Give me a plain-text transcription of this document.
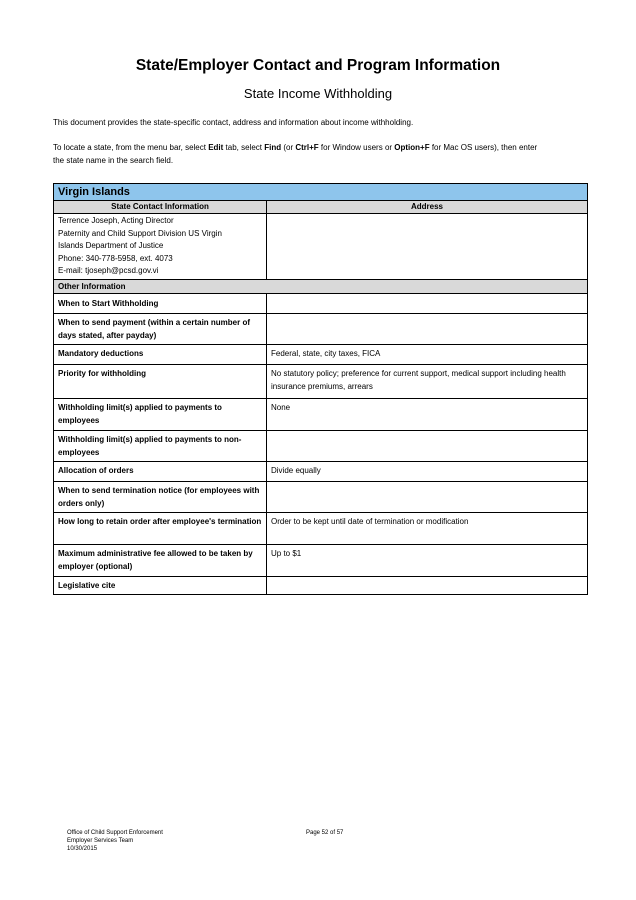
State/Employer Contact and Program Information
State Income Withholding
This document provides the state-specific contact, address and information about income withholding.
To locate a state, from the menu bar, select Edit tab, select Find (or Ctrl+F for Window users or Option+F for Mac OS users), then enter
the state name in the search field.
Virgin Islands	
State Contact Information	Address

Terrence Joseph, Acting Director
Paternity and Child Support Division US Virgin
Islands Department of Justice
Phone: 340-778-5958, ext. 4073
E-mail: tjoseph@pcsd.gov.vi	

Other Information	
When to Start Withholding	
When to send payment (within a certain number of days stated, after payday)	
Mandatory deductions	Federal, state, city taxes, FICA
Priority for withholding	No statutory policy; preference for current support, medical support including health insurance premiums, arrears
Withholding limit(s) applied to payments to employees	None
Withholding limit(s) applied to payments to non-employees	
Allocation of orders	Divide equally
When to send termination notice (for employees with orders only)	
How long to retain order after employee's termination	Order to be kept until date of termination or modification
Maximum administrative fee allowed to be taken by employer (optional)	Up to $1
Legislative cite	
Office of Child Support Enforcement
Employer Services Team
10/30/2015
Page 52 of 57
